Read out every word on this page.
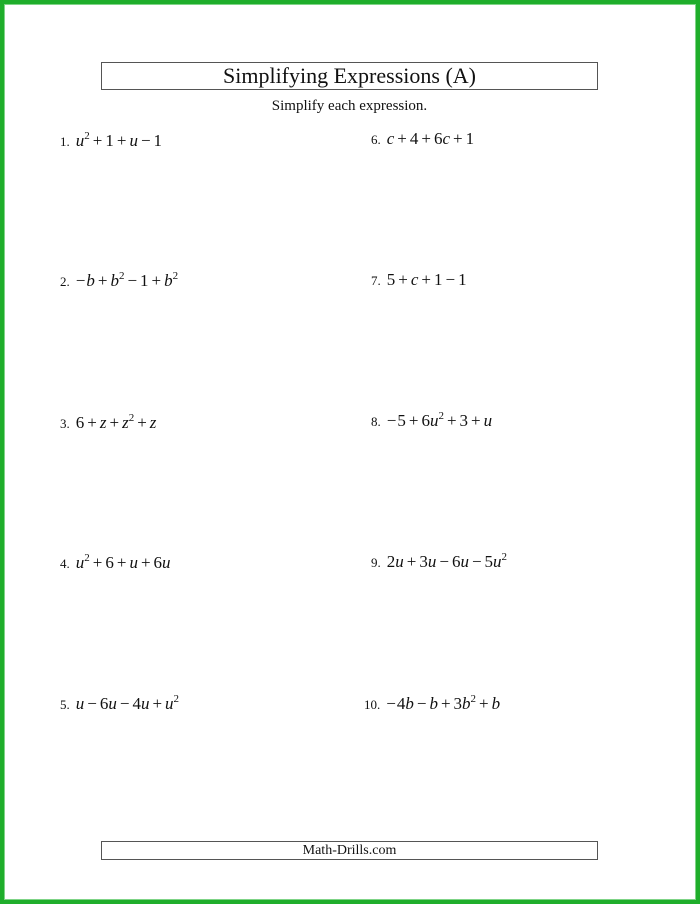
Simplifying Expressions (A)
Simplify each expression.
1. $u^2 + 1 + u - 1$
2. $-b + b^2 - 1 + b^2$
3. $6 + z + z^2 + z$
4. $u^2 + 6 + u + 6u$
5. $u - 6u - 4u + u^2$
6. c + 4 + 6c + 1
7. 5 + c + 1 − 1
8. $-5 + 6u^2 + 3 + u$
9. $2u + 3u - 6u - 5u^2$
10. $-4b - b + 3b^2 + b$
Math-Drills.com
